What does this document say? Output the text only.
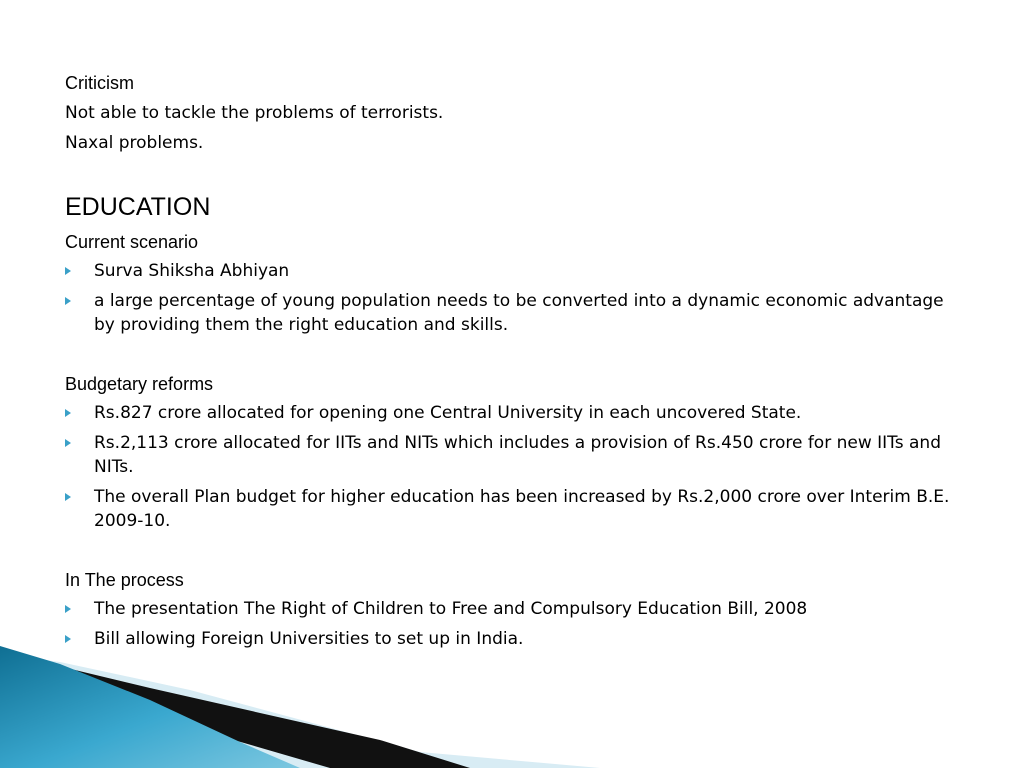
Criticism
Not able to tackle the problems of terrorists.
Naxal problems.
EDUCATION
Current scenario
Surva Shiksha Abhiyan
a large percentage of young population needs to be converted into a dynamic economic advantage by providing them the right education and skills.
Budgetary reforms
Rs.827 crore allocated for opening one Central University in each uncovered State.
Rs.2,113 crore allocated for IITs and NITs which includes a provision of Rs.450 crore for new IITs and NITs.
The overall Plan budget for higher education has been increased by Rs.2,000 crore over Interim B.E. 2009-10.
In The process
The presentation The Right of Children to Free and Compulsory Education Bill, 2008
Bill allowing Foreign Universities to set up in India.
